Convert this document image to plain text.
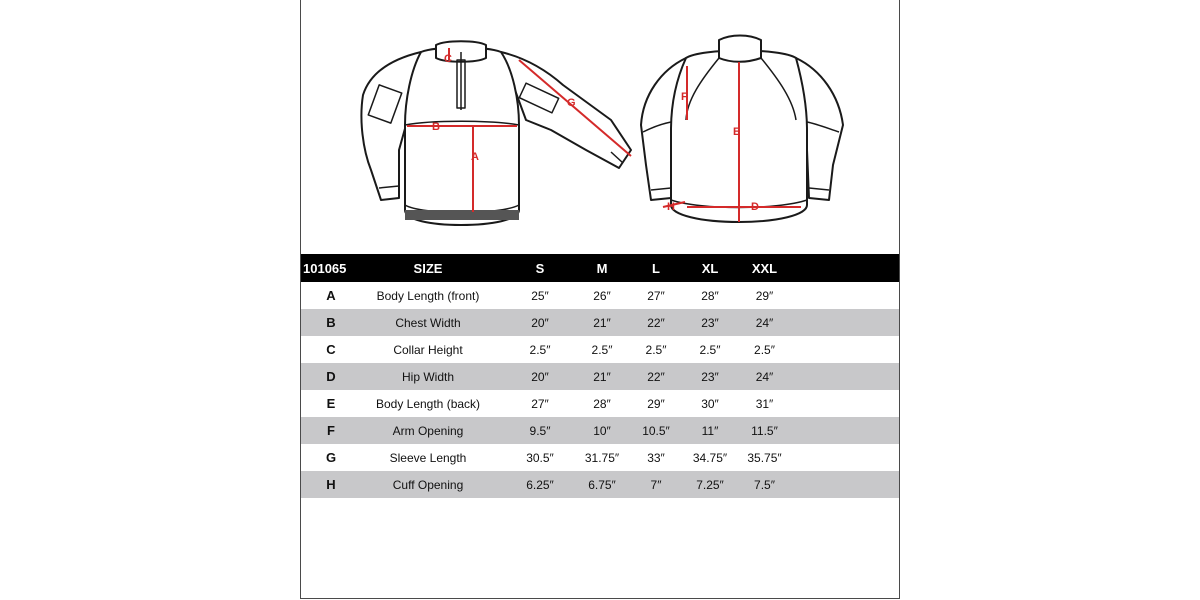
A
B
C
G
D
E
F
H
101065	SIZE	S	M	L	XL	XXL
A	Body Length (front)	25″	26″	27″	28″	29″
B	Chest Width	20″	21″	22″	23″	24″
C	Collar Height	2.5″	2.5″	2.5″	2.5″	2.5″
D	Hip Width	20″	21″	22″	23″	24″
E	Body Length (back)	27″	28″	29″	30″	31″
F	Arm Opening	9.5″	10″	10.5″	11″	11.5″
G	Sleeve Length	30.5″	31.75″	33″	34.75″	35.75″
H	Cuff Opening	6.25″	6.75″	7″	7.25″	7.5″
